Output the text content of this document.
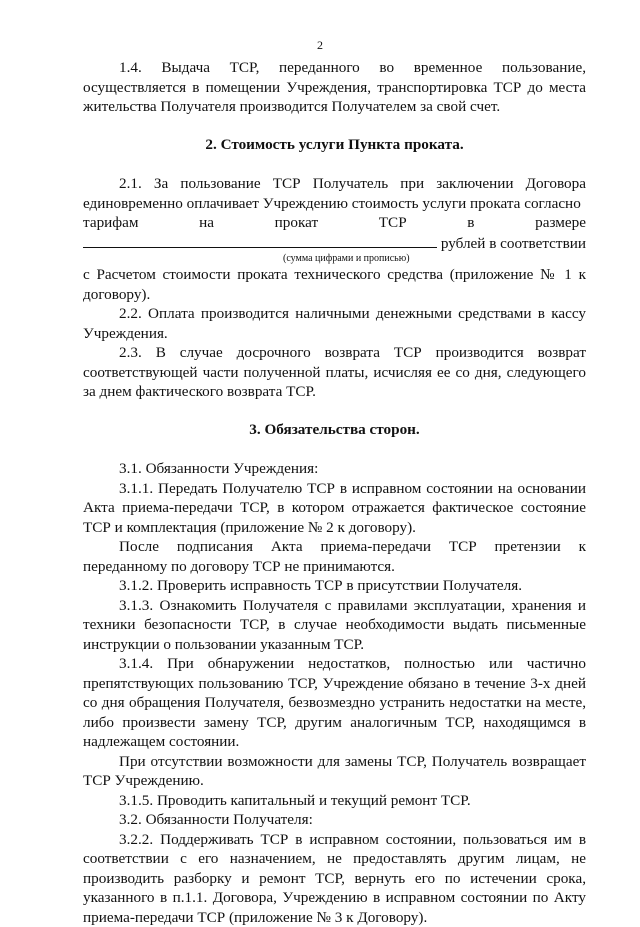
2

1.4. Выдача ТСР, переданного во временное пользование, осуществляется в помещении Учреждения, транспортировка ТСР до места жительства Получателя производится Получателем за свой счет.

2. Стоимость услуги Пункта проката.

2.1. За пользование ТСР Получатель при заключении Договора единовременно оплачивает Учреждению стоимость услуги проката согласно

тарифам	на	прокат	ТСР	в	размере
рублей в соответствии
(сумма цифрами и прописью)

с Расчетом стоимости проката технического средства (приложение № 1 к договору).

2.2. Оплата производится наличными денежными средствами в кассу Учреждения.

2.3. В случае досрочного возврата ТСР производится возврат соответствующей части полученной платы, исчисляя ее со дня, следующего за днем фактического возврата ТСР.

3. Обязательства сторон.

3.1. Обязанности Учреждения:

3.1.1. Передать Получателю ТСР в исправном состоянии на основании Акта приема-передачи ТСР, в котором отражается фактическое состояние ТСР и комплектация (приложение № 2 к договору).

После подписания Акта приема-передачи ТСР претензии к переданному по договору ТСР не принимаются.

3.1.2. Проверить исправность ТСР в присутствии Получателя.

3.1.3. Ознакомить Получателя с правилами эксплуатации, хранения и техники безопасности ТСР, в случае необходимости выдать письменные инструкции о пользовании указанным ТСР.

3.1.4. При обнаружении недостатков, полностью или частично препятствующих пользованию ТСР, Учреждение обязано в течение 3-х дней со дня обращения Получателя, безвозмездно устранить недостатки на месте, либо произвести замену ТСР, другим аналогичным ТСР, находящимся в надлежащем состоянии.

При отсутствии возможности для замены ТСР, Получатель возвращает ТСР Учреждению.

3.1.5. Проводить капитальный и текущий ремонт ТСР.

3.2. Обязанности Получателя:

3.2.2. Поддерживать ТСР в исправном состоянии, пользоваться им в соответствии с его назначением, не предоставлять другим лицам, не производить разборку и ремонт ТСР, вернуть его по истечении срока, указанного в п.1.1. Договора, Учреждению в исправном состоянии по Акту приема-передачи ТСР (приложение № 3 к Договору).
